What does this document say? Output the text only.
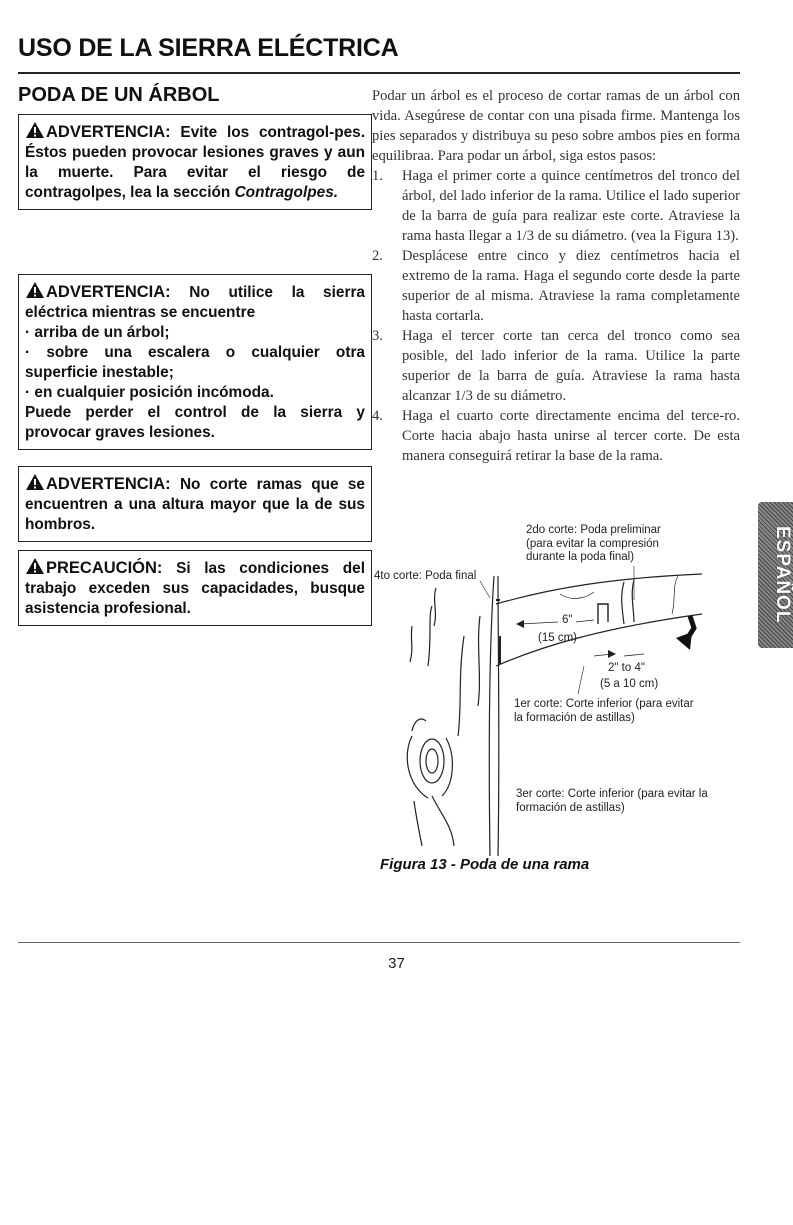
USO DE LA SIERRA ELÉCTRICA
PODA DE UN ÁRBOL
ADVERTENCIA: Evite los contragol-pes. Éstos pueden provocar lesiones graves y aun la muerte. Para evitar el riesgo de contragolpes, lea la sección Contragolpes.
ADVERTENCIA: No utilice la sierra eléctrica mientras se encuentre
· arriba de un árbol;
· sobre una escalera o cualquier otra superficie inestable;
· en cualquier posición incómoda.
Puede perder el control de la sierra y provocar graves lesiones.
ADVERTENCIA: No corte ramas que se encuentren a una altura mayor que la de sus hombros.
PRECAUCIÓN: Si las condiciones del trabajo exceden sus capacidades, busque asistencia profesional.

Podar un árbol es el proceso de cortar ramas de un árbol con vida. Asegúrese de contar con una pisada firme. Mantenga los pies separados y distribuya su peso sobre ambos pies en forma equilibraa. Para podar un árbol, siga estos pasos:

1. Haga el primer corte a quince centímetros del tronco del árbol, del lado inferior de la rama. Utilice el lado superior de la barra de guía para realizar este corte. Atraviese la rama hasta llegar a 1/3 de su diámetro. (vea la Figura 13).
2. Desplácese entre cinco y diez centímetros hacia el extremo de la rama. Haga el segundo corte desde la parte superior de al misma. Atraviese la rama completamente hasta cortarla.
3. Haga el tercer corte tan cerca del tronco como sea posible, del lado inferior de la rama. Utilice la parte superior de la barra de guía. Atraviese la rama hasta alcanzar 1/3 de su diámetro.
4. Haga el cuarto corte directamente encima del terce-ro. Corte hacia abajo hasta unirse al tercer corte. De esta manera conseguirá retirar la base de la rama.
2do corte: Poda preliminar
(para evitar la compresión
durante la poda final)
4to corte: Poda final
6"
(15 cm)
2" to 4"
(5 a 10 cm)
1er corte: Corte inferior (para evitar
la formación de astillas)
3er corte: Corte inferior (para evitar la
formación de astillas)
Figura 13 - Poda de una rama
ESPAÑOL
37
